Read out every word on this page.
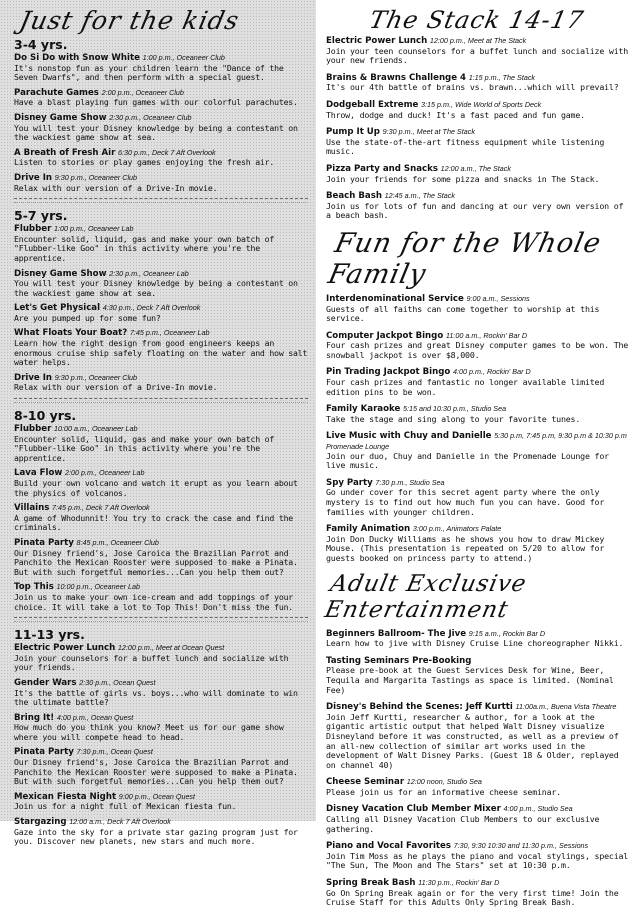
Just for the kids
3-4 yrs.

Do Si Do with Snow White 1:00 p.m., Oceaneer Club
It's nonstop fun as your children learn the "Dance of the Seven Dwarfs", and then perform with a special guest.

Parachute Games 2:00 p.m., Oceaneer Club
Have a blast playing fun games with our colorful parachutes.

Disney Game Show 2:30 p.m., Oceaneer Club
You will test your Disney knowledge by being a contestant on the wackiest game show at sea.

A Breath of Fresh Air 6:30 p.m., Deck 7 Aft Overlook
Listen to stories or play games enjoying the fresh air.

Drive In 9:30 p.m., Oceaneer Club
Relax with our version of a Drive-In movie.

5-7 yrs.

Flubber 1:00 p.m., Oceaneer Lab
Encounter solid, liquid, gas and make your own batch of "Flubber-like Goo" in this activity where you're the apprentice.

Disney Game Show 2:30 p.m., Oceaneer Lab
You will test your Disney knowledge by being a contestant on the wackiest game show at sea.

Let's Get Physical 4:30 p.m., Deck 7 Aft Overlook
Are you pumped up for some fun?

What Floats Your Boat? 7:45 p.m., Oceaneer Lab
Learn how the right design from good engineers keeps an enormous cruise ship safely floating on the water and how salt water helps.

Drive In 9:30 p.m., Oceaneer Club
Relax with our version of a Drive-In movie.

8-10 yrs.

Flubber 10:00 a.m., Oceaneer Lab
Encounter solid, liquid, gas and make your own batch of "Flubber-like Goo" in this activity where you're the apprentice.

Lava Flow 2:00 p.m., Oceaneer Lab
Build your own volcano and watch it erupt as you learn about the physics of volcanos.

Villains 7:45 p.m., Deck 7 Aft Overlook
A game of Whodunnit! You try to crack the case and find the criminals.

Pinata Party 8:45 p.m., Oceaneer Club
Our Disney friend's, Jose Caroica the Brazilian Parrot and Panchito the Mexican Rooster were supposed to make a Pinata. But with such forgetful memories...Can you help them out?

Top This 10:00 p.m., Oceaneer Lab
Join us to make your own ice-cream and add toppings of your choice. It will take a lot to Top This! Don't miss the fun.

11-13 yrs.

Electric Power Lunch 12:00 p.m., Meet at Ocean Quest
Join your counselors for a buffet lunch and socialize with your friends.

Gender Wars 2:30 p.m., Ocean Quest
It's the battle of girls vs. boys...who will dominate to win the ultimate battle?

Bring It! 4:00 p.m., Ocean Quest
How much do you think you know? Meet us for our game show where you will compete head to head.

Pinata Party 7:30 p.m., Ocean Quest
Our Disney friend's, Jose Caroica the Brazilian Parrot and Panchito the Mexican Rooster were supposed to make a Pinata. But with such forgetful memories...Can you help them out?

Mexican Fiesta Night 9:00 p.m., Ocean Quest
Join us for a night full of Mexican fiesta fun.

Stargazing 12:00 a.m., Deck 7 Aft Overlook
Gaze into the sky for a private star gazing program just for you. Discover new planets, new stars and much more.

The Stack 14-17

Electric Power Lunch 12:00 p.m., Meet at The Stack
Join your teen counselors for a buffet lunch and socialize with your new friends.

Brains & Brawns Challenge 4 1:15 p.m., The Stack
It's our 4th battle of brains vs. brawn...which will prevail?

Dodgeball Extreme 3:15 p.m., Wide World of Sports Deck
Throw, dodge and duck! It's a fast paced and fun game.

Pump It Up 9:30 p.m., Meet at The Stack
Use the state-of-the-art fitness equipment while listening music.

Pizza Party and Snacks 12:00 a.m., The Stack
Join your friends for some pizza and snacks in The Stack.

Beach Bash 12:45 a.m., The Stack
Join us for lots of fun and dancing at our very own version of a beach bash.

Fun for the Whole Family

Interdenominational Service 9:00 a.m., Sessions
Guests of all faiths can come together to worship at this service.

Computer Jackpot Bingo 11:00 a.m., Rockin' Bar D
Four cash prizes and great Disney computer games to be won. The snowball jackpot is over $8,000.

Pin Trading Jackpot Bingo 4:00 p.m., Rockin' Bar D
Four cash prizes and fantastic no longer available limited edition pins to be won.

Family Karaoke 5:15 and 10:30 p.m., Studio Sea
Take the stage and sing along to your favorite tunes.

Live Music with Chuy and Danielle 5:30 p.m, 7:45 p.m, 9:30 p.m & 10:30 p.m Promenade Lounge
Join our duo, Chuy and Danielle in the Promenade Lounge for live music.

Spy Party 7:30 p.m., Studio Sea
Go under cover for this secret agent party where the only mystery is to find out how much fun you can have. Good for families with younger children.

Family Animation 3:00 p.m., Animators Palate
Join Don Ducky Williams as he shows you how to draw Mickey Mouse. (This presentation is repeated on 5/20 to allow for guests booked on princess party to attend.)

Adult Exclusive Entertainment

Beginners Ballroom- The Jive 9:15 a.m., Rockin Bar D
Learn how to jive with Disney Cruise Line choreographer Nikki.

Tasting Seminars Pre-Booking
Please pre-book at the Guest Services Desk for Wine, Beer, Tequila and Margarita Tastings as space is limited. (Nominal Fee)

Disney's Behind the Scenes: Jeff Kurtti 11:00a.m., Buena Vista Theatre
Join Jeff Kurtti, researcher & author, for a look at the gigantic artistic output that helped Walt Disney visualize Disneyland before it was constructed, as well as a preview of an all-new collection of similar art works used in the development of Walt Disney Parks. (Guest 18 & Older, replayed on channel 40)

Cheese Seminar 12:00 noon, Studio Sea
Please join us for an informative cheese seminar.

Disney Vacation Club Member Mixer 4:00 p.m., Studio Sea
Calling all Disney Vacation Club Members to our exclusive gathering.

Piano and Vocal Favorites 7:30, 9:30 10:30 and 11:30 p.m., Sessions
Join Tim Moss as he plays the piano and vocal stylings, special "The Sun, The Moon and The Stars" set at 10:30 p.m.

Spring Break Bash 11:30 p.m., Rockin' Bar D
Go On Spring Break again or for the very first time! Join the Cruise Staff for this Adults Only Spring Break Bash.
